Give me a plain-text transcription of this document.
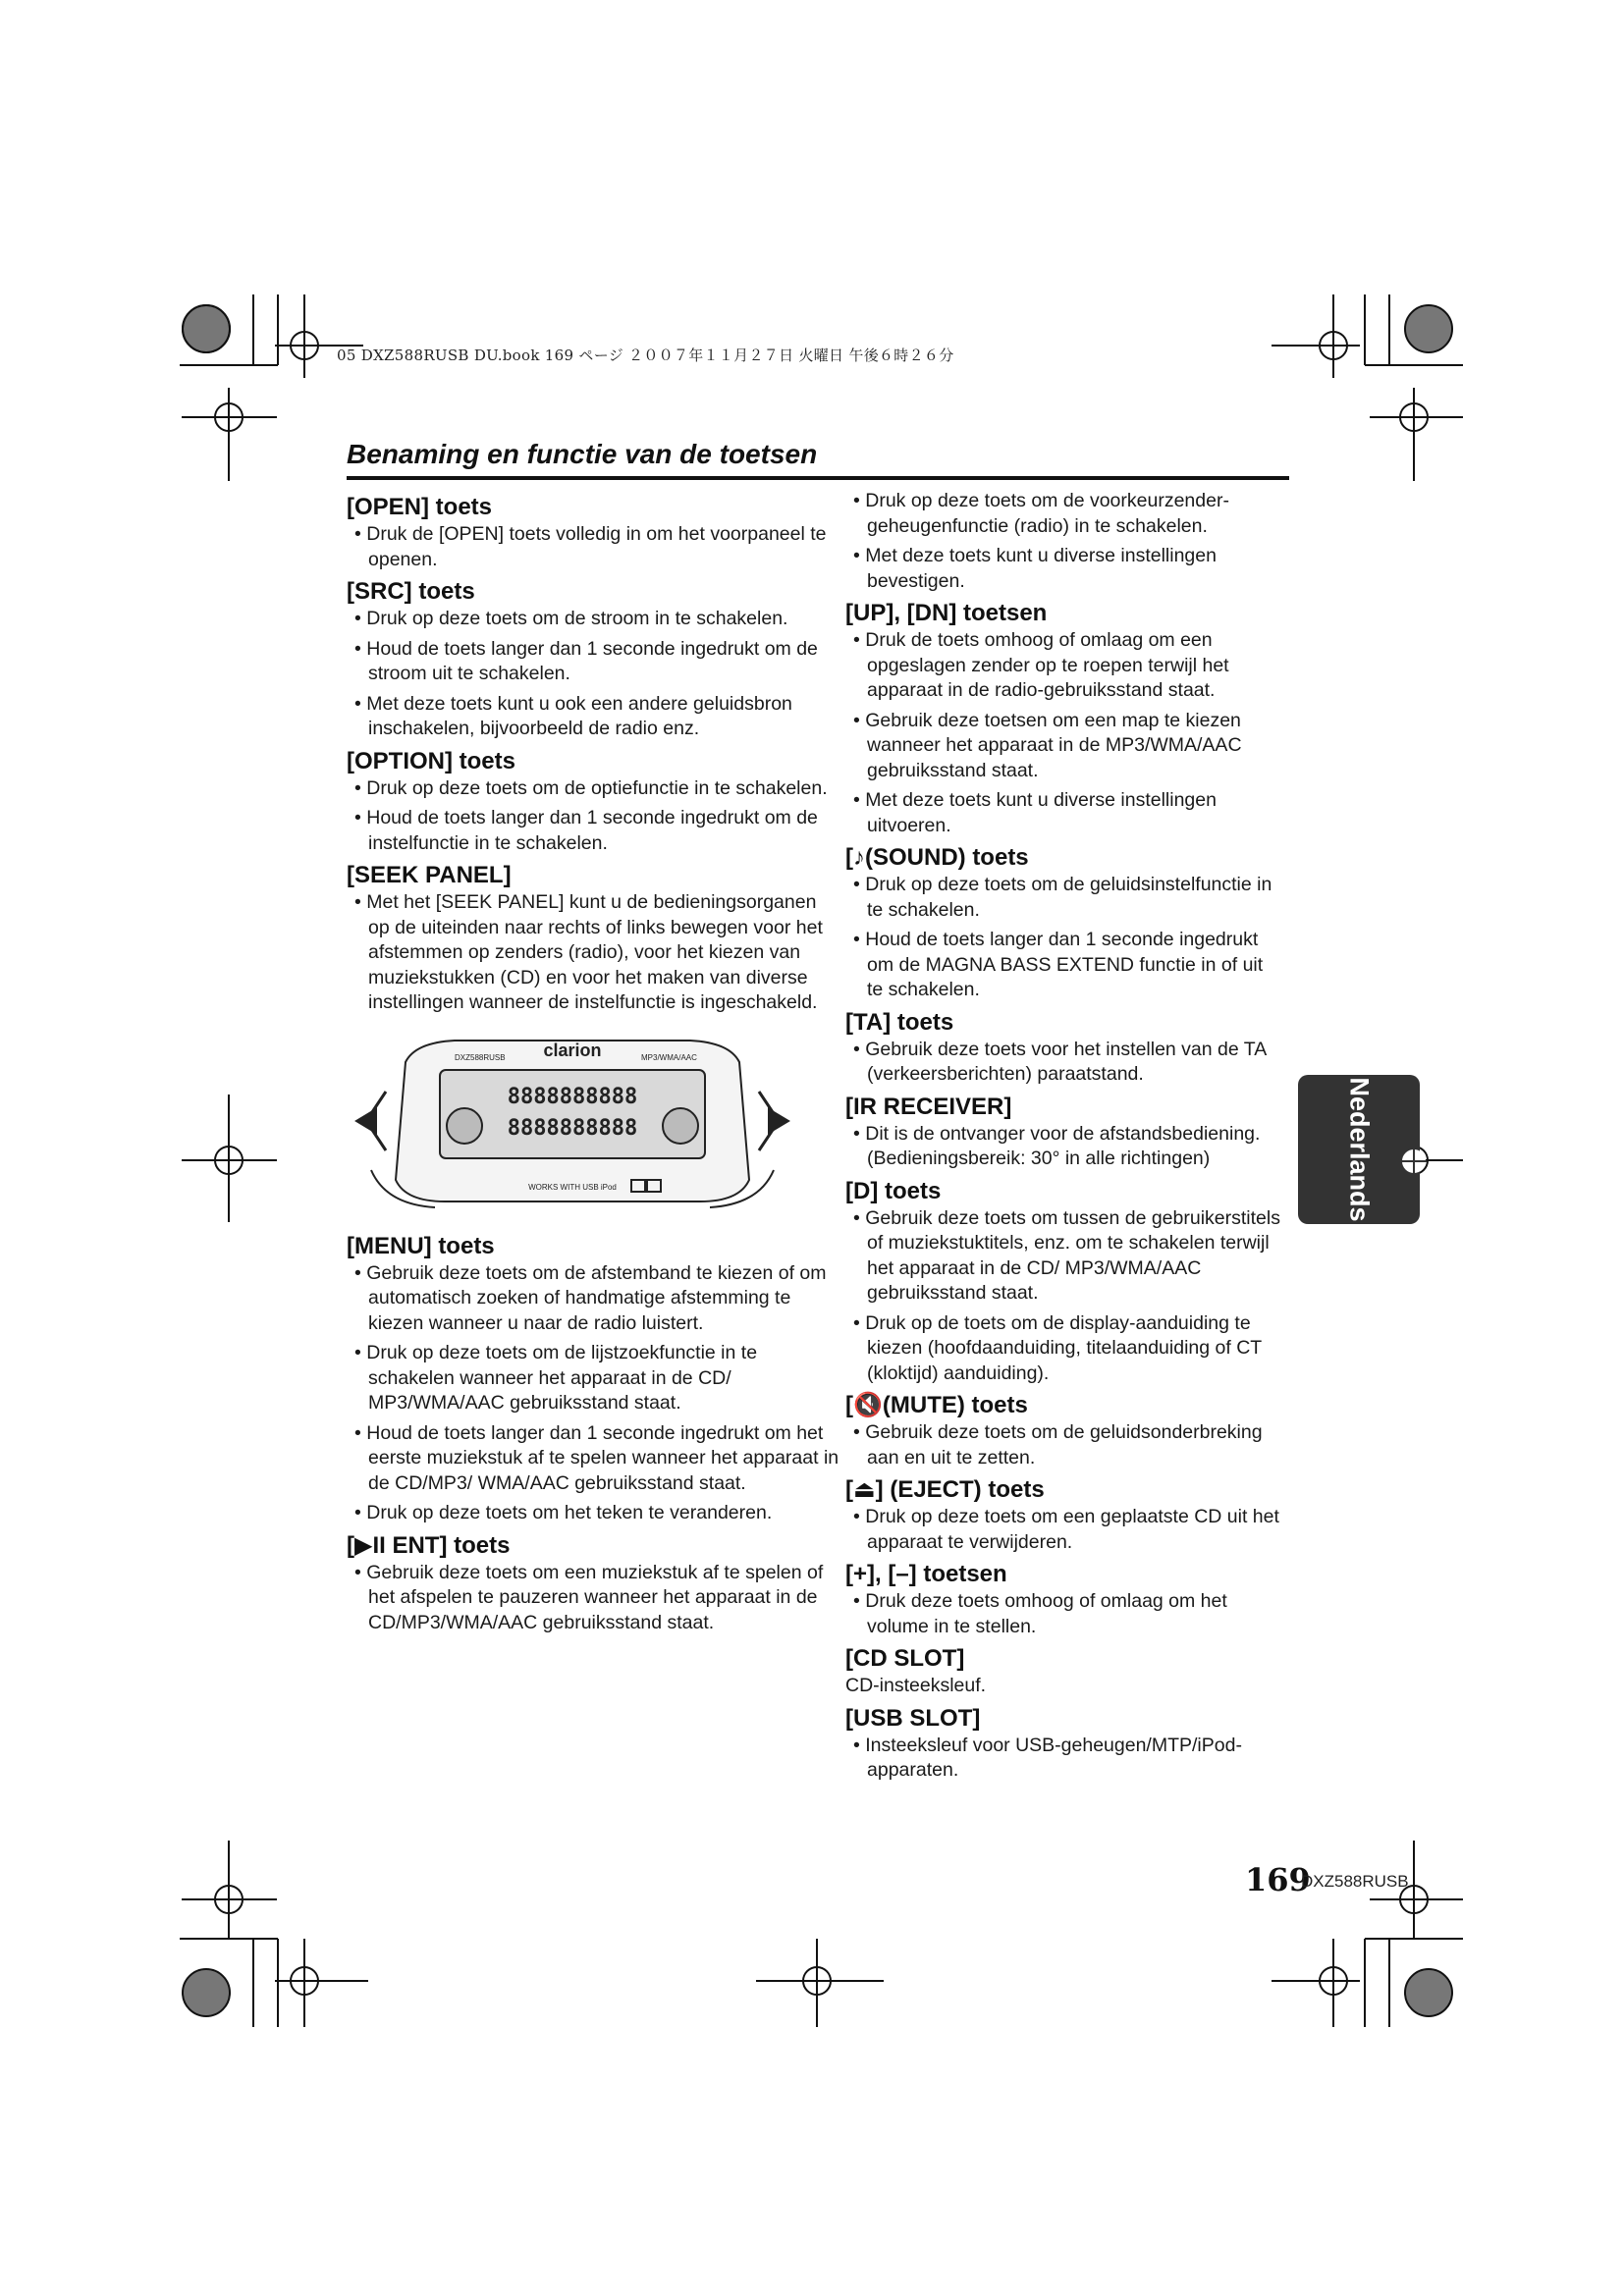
05 DXZ588RUSB DU.book 169 ページ ２００７年１１月２７日 火曜日 午後６時２６分
Benaming en functie van de toetsen
[OPEN] toets
• Druk de [OPEN] toets volledig in om het voorpaneel te openen.
[SRC] toets
• Druk op deze toets om de stroom in te schakelen.
• Houd de toets langer dan 1 seconde ingedrukt om de stroom uit te schakelen.
• Met deze toets kunt u ook een andere geluidsbron inschakelen, bijvoorbeeld de radio enz.
[OPTION] toets
• Druk op deze toets om de optiefunctie in te schakelen.
• Houd de toets langer dan 1 seconde ingedrukt om de instelfunctie in te schakelen.
[SEEK PANEL]
• Met het [SEEK PANEL] kunt u de bedieningsorganen op de uiteinden naar rechts of links bewegen voor het afstemmen op zenders (radio), voor het kiezen van muziekstukken (CD) en voor het maken van diverse instellingen wanneer de instelfunctie is ingeschakeld.
clarion
DXZ588RUSB	MP3/WMA/AAC
8888888888
8888888888
WORKS WITH USB iPod
[MENU] toets
• Gebruik deze toets om de afstemband te kiezen of om automatisch zoeken of handmatige afstemming te kiezen wanneer u naar de radio luistert.
• Druk op deze toets om de lijstzoekfunctie in te schakelen wanneer het apparaat in de CD/ MP3/WMA/AAC gebruiksstand staat.
• Houd de toets langer dan 1 seconde ingedrukt om het eerste muziekstuk af te spelen wanneer het apparaat in de CD/MP3/ WMA/AAC gebruiksstand staat.
• Druk op deze toets om het teken te veranderen.
[▶II ENT] toets
• Gebruik deze toets om een muziekstuk af te spelen of het afspelen te pauzeren wanneer het apparaat in de CD/MP3/WMA/AAC gebruiksstand staat.
• Druk op deze toets om de voorkeurzender-geheugenfunctie (radio) in te schakelen.
• Met deze toets kunt u diverse instellingen bevestigen.
[UP], [DN] toetsen
• Druk de toets omhoog of omlaag om een opgeslagen zender op te roepen terwijl het apparaat in de radio-gebruiksstand staat.
• Gebruik deze toetsen om een map te kiezen wanneer het apparaat in de MP3/WMA/AAC gebruiksstand staat.
• Met deze toets kunt u diverse instellingen uitvoeren.
[♪(SOUND) toets
• Druk op deze toets om de geluidsinstelfunctie in te schakelen.
• Houd de toets langer dan 1 seconde ingedrukt om de MAGNA BASS EXTEND functie in of uit te schakelen.
[TA] toets
• Gebruik deze toets voor het instellen van de TA (verkeersberichten) paraatstand.
[IR RECEIVER]
• Dit is de ontvanger voor de afstandsbediening. (Bedieningsbereik: 30° in alle richtingen)
[D] toets
• Gebruik deze toets om tussen de gebruikerstitels of muziekstuktitels, enz. om te schakelen terwijl het apparaat in de CD/ MP3/WMA/AAC gebruiksstand staat.
• Druk op de toets om de display-aanduiding te kiezen (hoofdaanduiding, titelaanduiding of CT (kloktijd) aanduiding).
[🔇(MUTE) toets
• Gebruik deze toets om de geluidsonderbreking aan en uit te zetten.
[⏏] (EJECT) toets
• Druk op deze toets om een geplaatste CD uit het apparaat te verwijderen.
[+], [–] toetsen
• Druk deze toets omhoog of omlaag om het volume in te stellen.
[CD SLOT]
CD-insteeksleuf.
[USB SLOT]
• Insteeksleuf voor USB-geheugen/MTP/iPod-apparaten.
Nederlands
169
DXZ588RUSB
